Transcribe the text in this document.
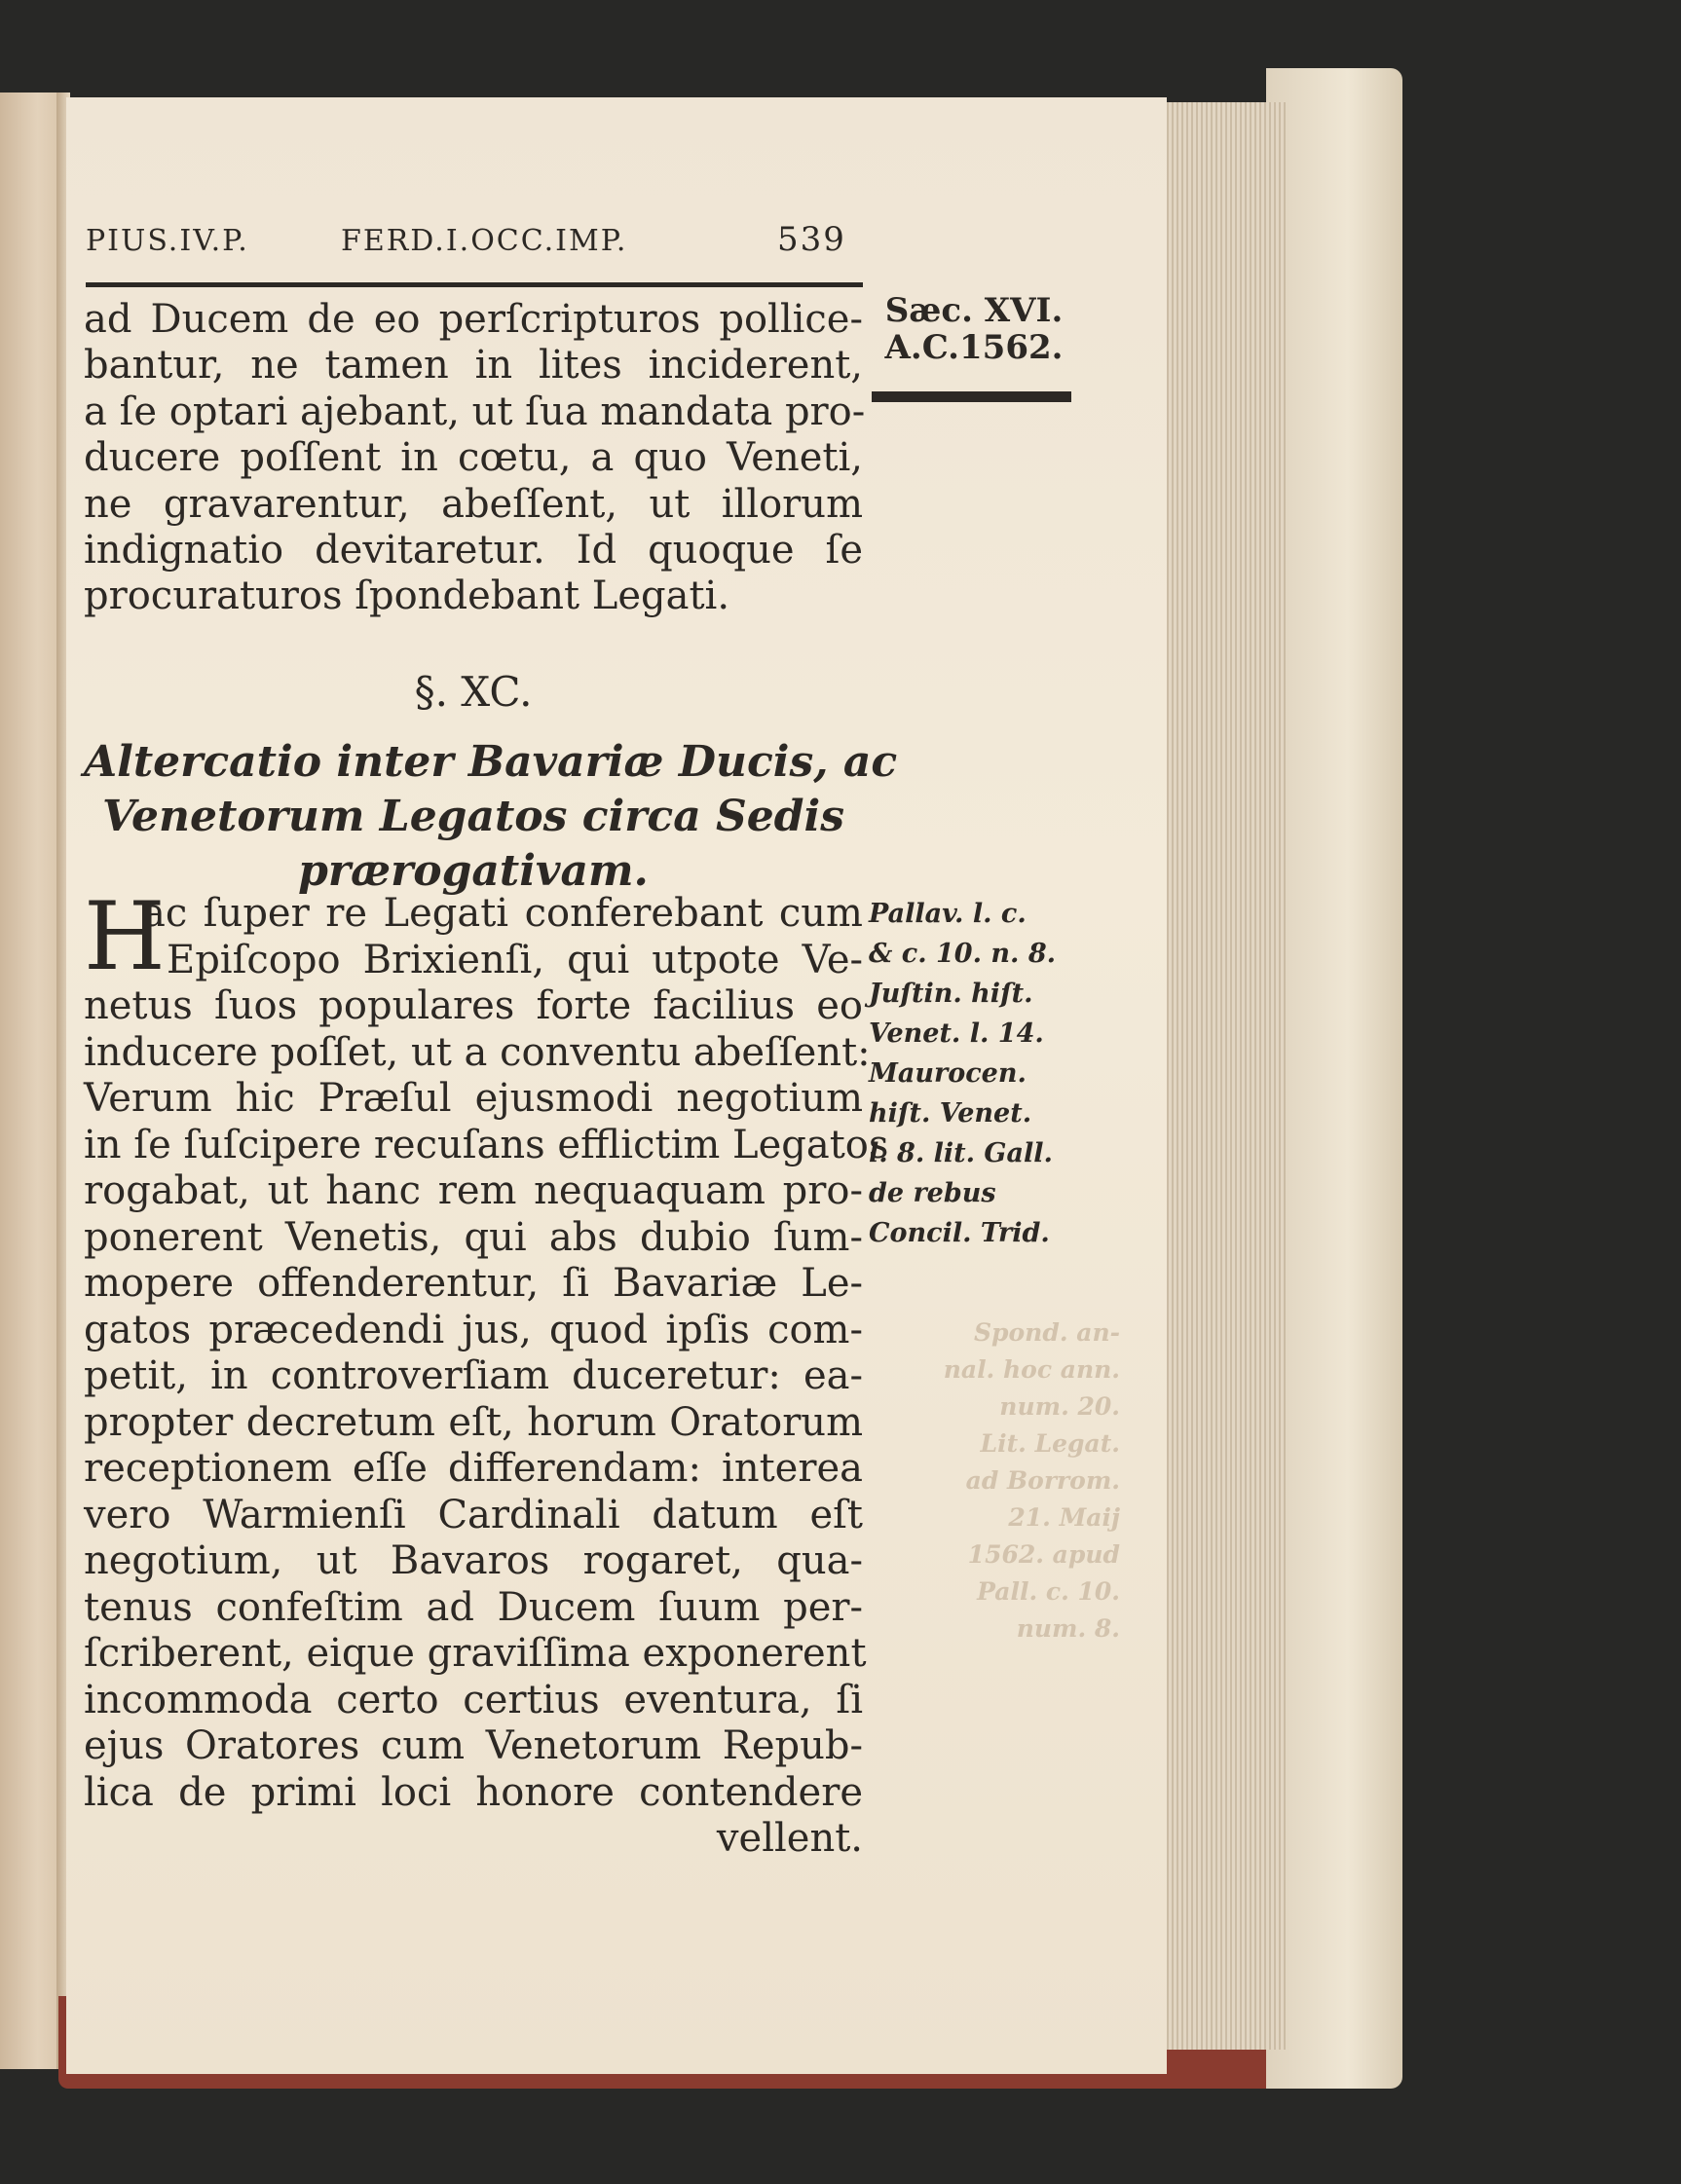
PIUS.IV.P.	FERD.I.OCC.IMP.	539
Sæc. XVI.
A.C.1562.
ad Ducem de eo perſcripturos pollice-
bantur, ne tamen in lites inciderent,
a ſe optari ajebant, ut ſua mandata pro-
ducere poſſent in cœtu, a quo Veneti,
ne gravarentur, abeſſent, ut illorum
indignatio devitaretur. Id quoque ſe
procuraturos ſpondebant Legati.
§. XC.
Altercatio inter Bavariæ Ducis, ac
Venetorum Legatos circa Sedis
prærogativam.
H
ac ſuper re Legati conferebant cum
Epiſcopo Brixienſi, qui utpote Ve-
netus ſuos populares forte facilius eo
inducere poſſet, ut a conventu abeſſent:
Verum hic Præſul ejusmodi negotium
in ſe ſuſcipere recuſans efflictim Legatos
rogabat, ut hanc rem nequaquam pro-
ponerent Venetis, qui abs dubio ſum-
mopere offenderentur, ſi Bavariæ Le-
gatos præcedendi jus, quod ipſis com-
petit, in controverſiam duceretur: ea-
propter decretum eſt, horum Oratorum
receptionem eſſe differendam: interea
vero Warmienſi Cardinali datum eſt
negotium, ut Bavaros rogaret, qua-
tenus confeſtim ad Ducem ſuum per-
ſcriberent, eique graviſſima exponerent
incommoda certo certius eventura, ſi
ejus Oratores cum Venetorum Repub-
lica de primi loci honore contendere
vellent.
Pallav. l. c.
& c. 10. n. 8.
Juſtin. hiſt.
Venet. l. 14.
Maurocen.
hiſt. Venet.
l. 8. lit. Gall.
de rebus
Concil. Trid.
Spond. an-
nal. hoc ann.
num. 20.
Lit. Legat.
ad Borrom.
21. Maij
1562. apud
Pall. c. 10.
num. 8.
